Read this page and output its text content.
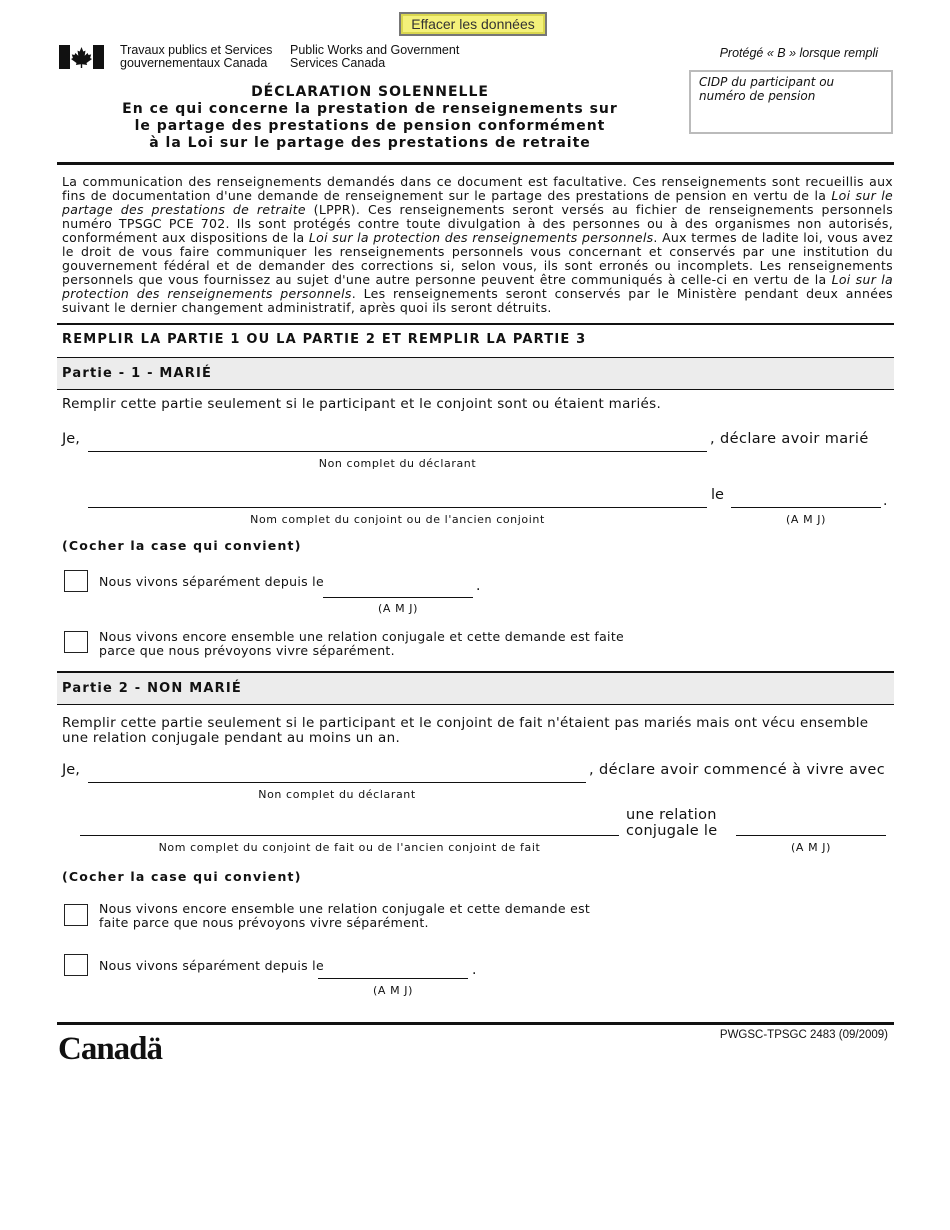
Effacer les données
Travaux publics et Services
gouvernementaux Canada
Public Works and Government
Services Canada
Protégé « B » lorsque rempli
CIDP du participant ou numéro de pension
DÉCLARATION SOLENNELLE
En ce qui concerne la prestation de renseignements sur
le partage des prestations de pension conformément
à la Loi sur le partage des prestations de retraite
La communication des renseignements demandés dans ce document est facultative. Ces renseignements sont recueillis aux fins de documentation d'une demande de renseignement sur le partage des prestations de pension en vertu de la Loi sur le partage des prestations de retraite (LPPR). Ces renseignements seront versés au fichier de renseignements personnels numéro TPSGC PCE 702. Ils sont protégés contre toute divulgation à des personnes ou à des organismes non autorisés, conformément aux dispositions de la Loi sur la protection des renseignements personnels. Aux termes de ladite loi, vous avez le droit de vous faire communiquer les renseignements personnels vous concernant et conservés par une institution du gouvernement fédéral et de demander des corrections si, selon vous, ils sont erronés ou incomplets. Les renseignements personnels que vous fournissez au sujet d'une autre personne peuvent être communiqués à celle-ci en vertu de la Loi sur la protection des renseignements personnels. Les renseignements seront conservés par le Ministère pendant deux années suivant le dernier changement administratif, après quoi ils seront détruits.
REMPLIR LA PARTIE 1 OU LA PARTIE 2 ET REMPLIR LA PARTIE 3
Partie - 1 - MARIÉ
Remplir cette partie seulement si le participant et le conjoint sont ou étaient mariés.
Je,	, déclare avoir marié
Non complet du déclarant
le	.
Nom complet du conjoint ou de l'ancien conjoint	(A M J)
(Cocher la case qui convient)
Nous vivons séparément depuis le	.
(A M J)
Nous vivons encore ensemble une relation conjugale et cette demande est faite
parce que nous prévoyons vivre séparément.
Partie 2 - NON MARIÉ
Remplir cette partie seulement si le participant et le conjoint de fait n'étaient pas mariés mais ont vécu ensemble une relation conjugale pendant au moins un an.
Je,	, déclare avoir commencé à vivre avec
Non complet du déclarant
une relation
conjugale le
Nom complet du conjoint de fait ou de l'ancien conjoint de fait	(A M J)
(Cocher la case qui convient)
Nous vivons encore ensemble une relation conjugale et cette demande est
faite parce que nous prévoyons vivre séparément.
Nous vivons séparément depuis le	.
(A M J)
Canadä	PWGSC-TPSGC 2483 (09/2009)
